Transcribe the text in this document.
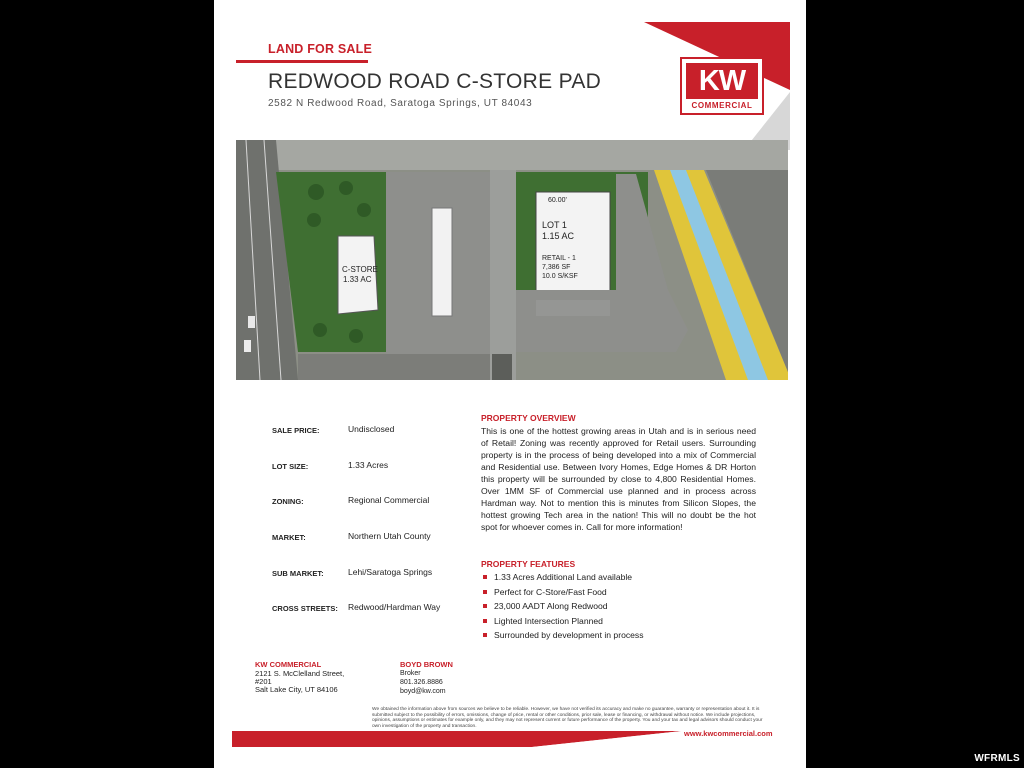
LAND FOR SALE
REDWOOD ROAD C-STORE PAD
2582 N Redwood Road, Saratoga Springs, UT 84043
KW
COMMERCIAL
C-STORE
1.33 AC
60.00'
LOT 1
1.15 AC
RETAIL - 1
7,386 SF
10.0 S/KSF
SALE PRICE:	Undisclosed
LOT SIZE:	1.33 Acres
ZONING:	Regional Commercial
MARKET:	Northern Utah County
SUB MARKET:	Lehi/Saratoga Springs
CROSS STREETS: Redwood/Hardman Way
PROPERTY OVERVIEW
This is one of the hottest growing areas in Utah and is in serious need of Retail! Zoning was recently approved for Retail users. Surrounding property is in the process of being developed into a mix of Commercial and Residential use. Between Ivory Homes, Edge Homes & DR Horton this property will be surrounded by close to 4,800 Residential Homes. Over 1MM SF of Commercial use planned and in process across Hardman way. Not to mention this is minutes from Silicon Slopes, the hottest growing Tech area in the nation! This will no doubt be the hot spot for whoever comes in. Call for more information!
PROPERTY FEATURES
1.33 Acres Additional Land available
Perfect for C-Store/Fast Food
23,000 AADT Along Redwood
Lighted Intersection Planned
Surrounded by development in process
KW COMMERCIAL
2121 S. McClelland Street,
#201
Salt Lake City, UT 84106
BOYD BROWN
Broker
801.326.8886
boyd@kw.com
We obtained the information above from sources we believe to be reliable. However, we have not verified its accuracy and make no guarantee, warranty or representation about it. It is submitted subject to the possibility of errors, omissions, change of price, rental or other conditions, prior sale, lease or financing, or withdrawal without notice. We include projections, opinions, assumptions or estimates for example only, and they may not represent current or future performance of the property. You and your tax and legal advisors should conduct your own investigation of the property and transaction.
www.kwcommercial.com
WFRMLS
